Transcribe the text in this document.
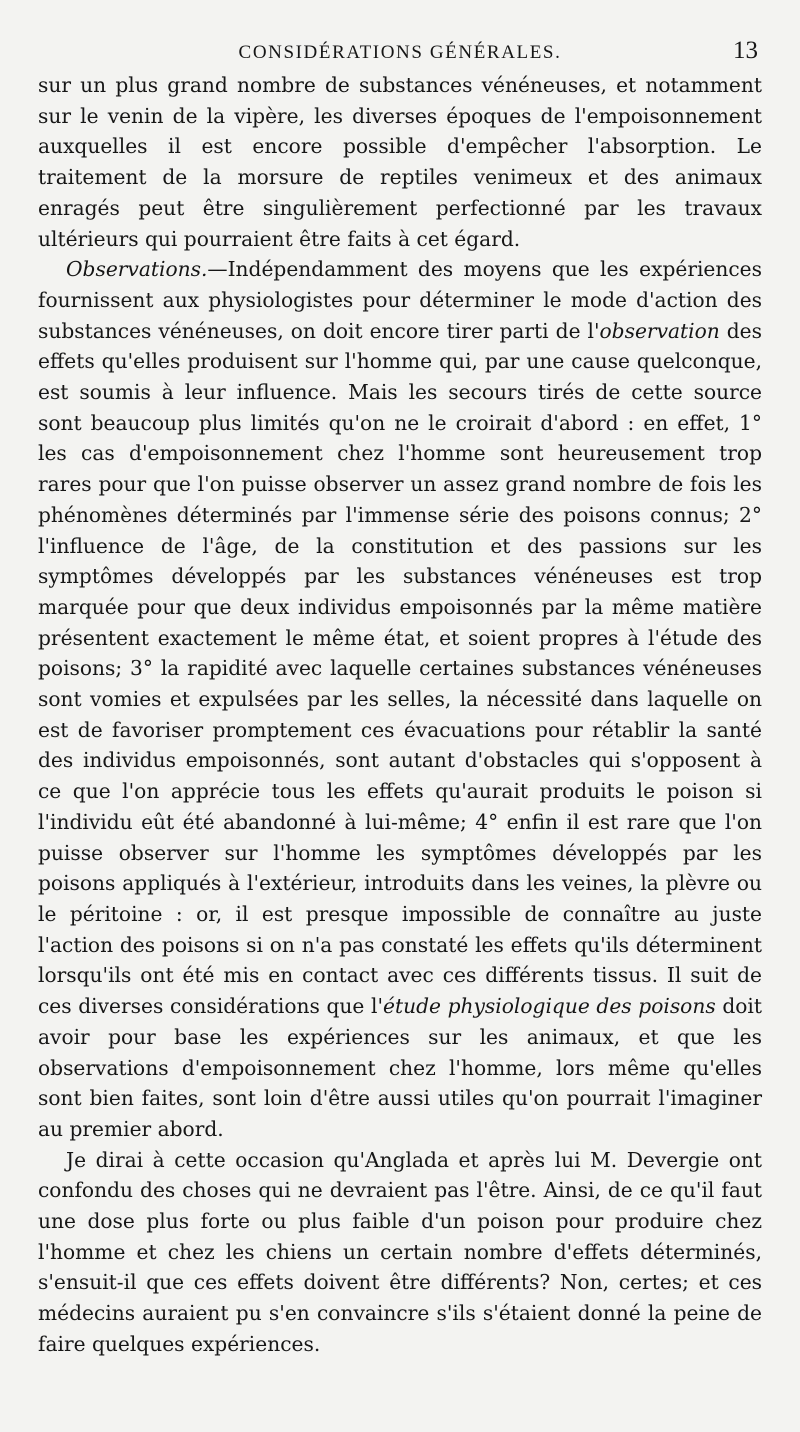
CONSIDÉRATIONS GÉNÉRALES.	13

sur un plus grand nombre de substances vénéneuses, et notamment sur le venin de la vipère, les diverses époques de l'empoisonnement auxquelles il est encore possible d'empêcher l'absorption. Le traitement de la morsure de reptiles venimeux et des animaux enragés peut être singulièrement perfectionné par les travaux ultérieurs qui pourraient être faits à cet égard.

Observations.—Indépendamment des moyens que les expériences fournissent aux physiologistes pour déterminer le mode d'action des substances vénéneuses, on doit encore tirer parti de l'observation des effets qu'elles produisent sur l'homme qui, par une cause quelconque, est soumis à leur influence. Mais les secours tirés de cette source sont beaucoup plus limités qu'on ne le croirait d'abord : en effet, 1° les cas d'empoisonnement chez l'homme sont heureusement trop rares pour que l'on puisse observer un assez grand nombre de fois les phénomènes déterminés par l'immense série des poisons connus; 2° l'influence de l'âge, de la constitution et des passions sur les symptômes développés par les substances vénéneuses est trop marquée pour que deux individus empoisonnés par la même matière présentent exactement le même état, et soient propres à l'étude des poisons; 3° la rapidité avec laquelle certaines substances vénéneuses sont vomies et expulsées par les selles, la nécessité dans laquelle on est de favoriser promptement ces évacuations pour rétablir la santé des individus empoisonnés, sont autant d'obstacles qui s'opposent à ce que l'on apprécie tous les effets qu'aurait produits le poison si l'individu eût été abandonné à lui-même; 4° enfin il est rare que l'on puisse observer sur l'homme les symptômes développés par les poisons appliqués à l'extérieur, introduits dans les veines, la plèvre ou le péritoine : or, il est presque impossible de connaître au juste l'action des poisons si on n'a pas constaté les effets qu'ils déterminent lorsqu'ils ont été mis en contact avec ces différents tissus. Il suit de ces diverses considérations que l'étude physiologique des poisons doit avoir pour base les expériences sur les animaux, et que les observations d'empoisonnement chez l'homme, lors même qu'elles sont bien faites, sont loin d'être aussi utiles qu'on pourrait l'imaginer au premier abord.

Je dirai à cette occasion qu'Anglada et après lui M. Devergie ont confondu des choses qui ne devraient pas l'être. Ainsi, de ce qu'il faut une dose plus forte ou plus faible d'un poison pour produire chez l'homme et chez les chiens un certain nombre d'effets déterminés, s'ensuit-il que ces effets doivent être différents? Non, certes; et ces médecins auraient pu s'en convaincre s'ils s'étaient donné la peine de faire quelques expériences.
